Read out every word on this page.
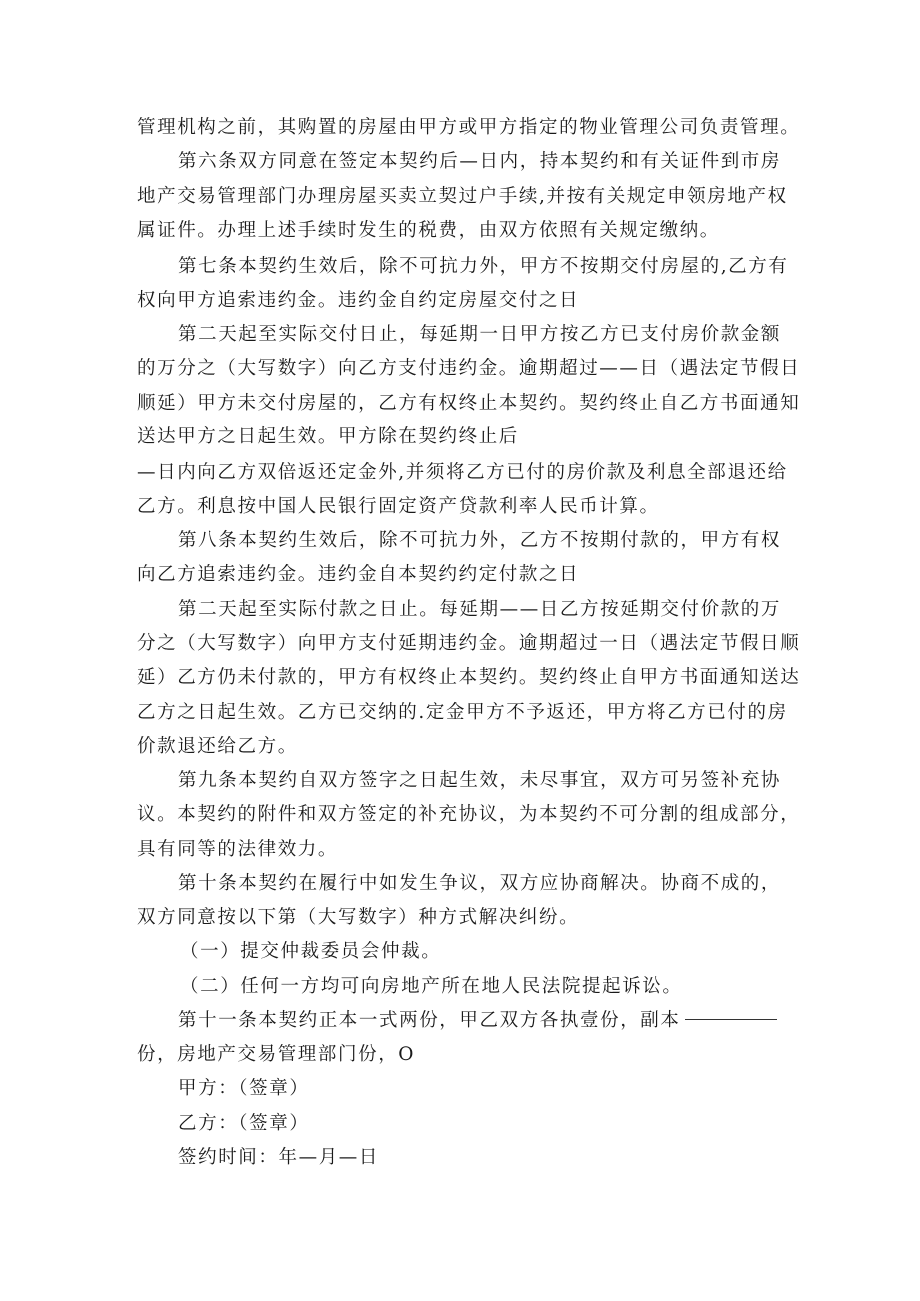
管理机构之前，其购置的房屋由甲方或甲方指定的物业管理公司负责管理。
第六条双方同意在签定本契约后—日内，持本契约和有关证件到市房
地产交易管理部门办理房屋买卖立契过户手续,并按有关规定申领房地产权
属证件。办理上述手续时发生的税费，由双方依照有关规定缴纳。
第七条本契约生效后，除不可抗力外，甲方不按期交付房屋的,乙方有
权向甲方追索违约金。违约金自约定房屋交付之日
第二天起至实际交付日止，每延期一日甲方按乙方已支付房价款金额
的万分之（大写数字）向乙方支付违约金。逾期超过——日（遇法定节假日
顺延）甲方未交付房屋的，乙方有权终止本契约。契约终止自乙方书面通知
送达甲方之日起生效。甲方除在契约终止后
—日内向乙方双倍返还定金外,并须将乙方已付的房价款及利息全部退还给
乙方。利息按中国人民银行固定资产贷款利率人民币计算。
第八条本契约生效后，除不可抗力外，乙方不按期付款的，甲方有权
向乙方追索违约金。违约金自本契约约定付款之日
第二天起至实际付款之日止。每延期——日乙方按延期交付价款的万
分之（大写数字）向甲方支付延期违约金。逾期超过一日（遇法定节假日顺
延）乙方仍未付款的，甲方有权终止本契约。契约终止自甲方书面通知送达
乙方之日起生效。乙方已交纳的.定金甲方不予返还，甲方将乙方已付的房
价款退还给乙方。
第九条本契约自双方签字之日起生效，未尽事宜，双方可另签补充协
议。本契约的附件和双方签定的补充协议，为本契约不可分割的组成部分，
具有同等的法律效力。
第十条本契约在履行中如发生争议，双方应协商解决。协商不成的，
双方同意按以下第（大写数字）种方式解决纠纷。
（一）提交仲裁委员会仲裁。
（二）任何一方均可向房地产所在地人民法院提起诉讼。
第十一条本契约正本一式两份，甲乙双方各执壹份，副本
份，房地产交易管理部门份，O
甲方：（签章）
乙方：（签章）
签约时间：年—月—日
